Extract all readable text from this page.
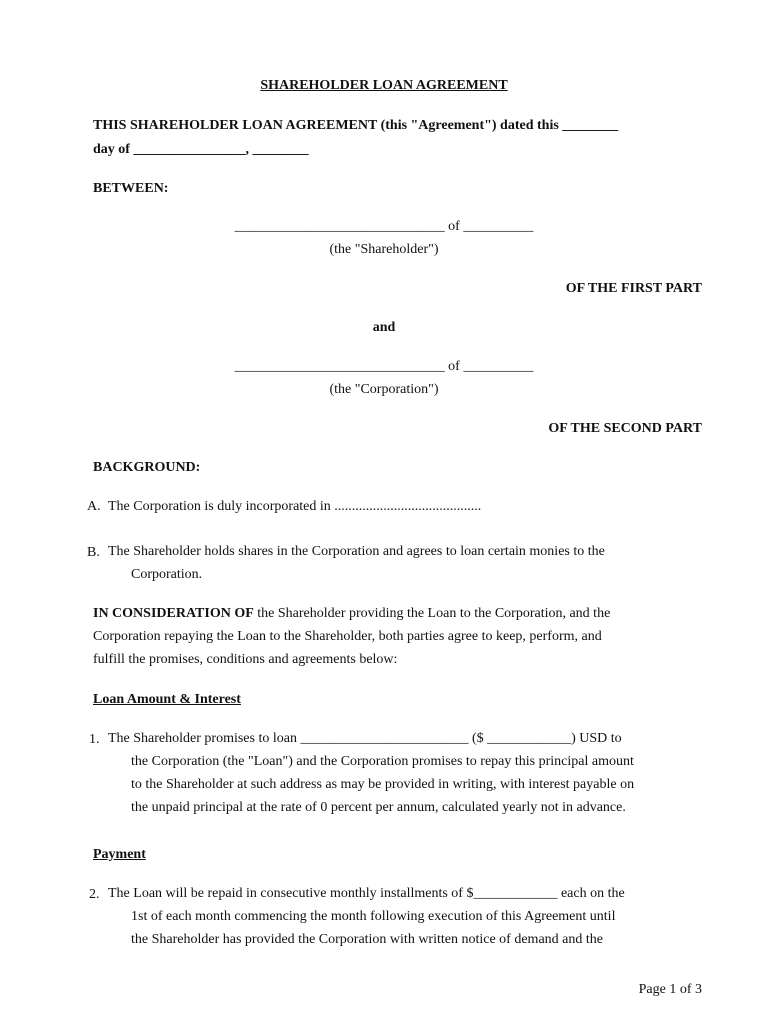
SHAREHOLDER LOAN AGREEMENT
THIS SHAREHOLDER LOAN AGREEMENT (this "Agreement") dated this ________
day of ________________, ________
BETWEEN:
______________________________ of __________
(the "Shareholder")
OF THE FIRST PART
and
______________________________ of __________
(the "Corporation")
OF THE SECOND PART
BACKGROUND:
A. The Corporation is duly incorporated in ..........................................
B. The Shareholder holds shares in the Corporation and agrees to loan certain monies to the
Corporation.
IN CONSIDERATION OF the Shareholder providing the Loan to the Corporation, and the
Corporation repaying the Loan to the Shareholder, both parties agree to keep, perform, and
fulfill the promises, conditions and agreements below:
Loan Amount & Interest
1. The Shareholder promises to loan ________________________ ($ ____________) USD to
the Corporation (the "Loan") and the Corporation promises to repay this principal amount
to the Shareholder at such address as may be provided in writing, with interest payable on
the unpaid principal at the rate of 0 percent per annum, calculated yearly not in advance.
Payment
2. The Loan will be repaid in consecutive monthly installments of $____________ each on the
1st of each month commencing the month following execution of this Agreement until
the Shareholder has provided the Corporation with written notice of demand and the
Page 1 of 3
